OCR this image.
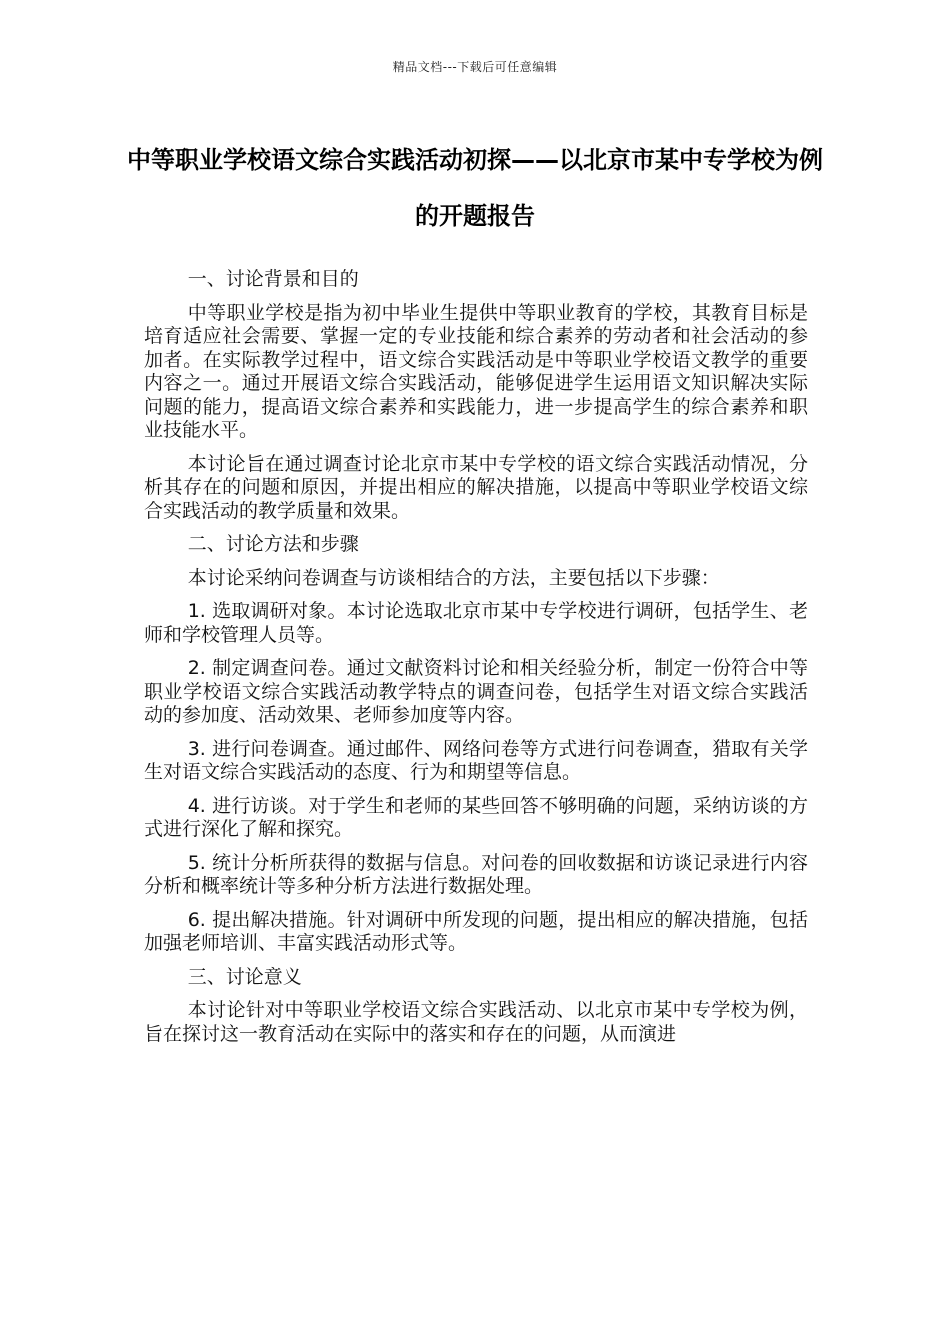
精品文档---下载后可任意编辑
中等职业学校语文综合实践活动初探——以北京市某中专学校为例的开题报告

一、讨论背景和目的

中等职业学校是指为初中毕业生提供中等职业教育的学校，其教育目标是培育适应社会需要、掌握一定的专业技能和综合素养的劳动者和社会活动的参加者。在实际教学过程中，语文综合实践活动是中等职业学校语文教学的重要内容之一。通过开展语文综合实践活动，能够促进学生运用语文知识解决实际问题的能力，提高语文综合素养和实践能力，进一步提高学生的综合素养和职业技能水平。

本讨论旨在通过调查讨论北京市某中专学校的语文综合实践活动情况，分析其存在的问题和原因，并提出相应的解决措施，以提高中等职业学校语文综合实践活动的教学质量和效果。

二、讨论方法和步骤

本讨论采纳问卷调查与访谈相结合的方法，主要包括以下步骤：

1. 选取调研对象。本讨论选取北京市某中专学校进行调研，包括学生、老师和学校管理人员等。

2. 制定调查问卷。通过文献资料讨论和相关经验分析，制定一份符合中等职业学校语文综合实践活动教学特点的调查问卷，包括学生对语文综合实践活动的参加度、活动效果、老师参加度等内容。

3. 进行问卷调查。通过邮件、网络问卷等方式进行问卷调查，猎取有关学生对语文综合实践活动的态度、行为和期望等信息。

4. 进行访谈。对于学生和老师的某些回答不够明确的问题，采纳访谈的方式进行深化了解和探究。

5. 统计分析所获得的数据与信息。对问卷的回收数据和访谈记录进行内容分析和概率统计等多种分析方法进行数据处理。

6. 提出解决措施。针对调研中所发现的问题，提出相应的解决措施，包括加强老师培训、丰富实践活动形式等。

三、讨论意义

本讨论针对中等职业学校语文综合实践活动、以北京市某中专学校为例，旨在探讨这一教育活动在实际中的落实和存在的问题，从而演进
